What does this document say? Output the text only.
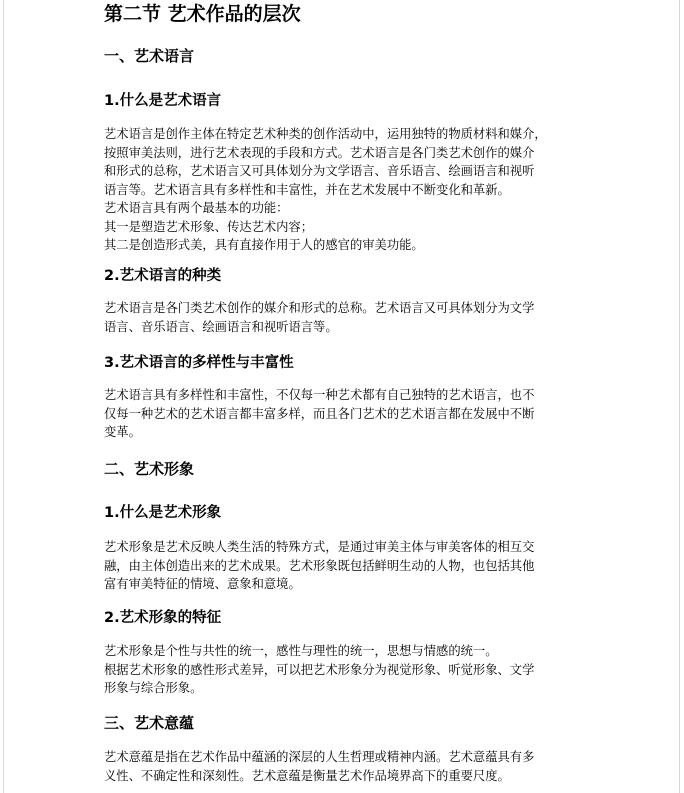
第二节 艺术作品的层次
一、艺术语言
1.什么是艺术语言
艺术语言是创作主体在特定艺术种类的创作活动中，运用独特的物质材料和媒介，
按照审美法则，进行艺术表现的手段和方式。艺术语言是各门类艺术创作的媒介
和形式的总称，艺术语言又可具体划分为文学语言、音乐语言、绘画语言和视听
语言等。艺术语言具有多样性和丰富性，并在艺术发展中不断变化和革新。
艺术语言具有两个最基本的功能：
其一是塑造艺术形象、传达艺术内容；
其二是创造形式美，具有直接作用于人的感官的审美功能。
2.艺术语言的种类
艺术语言是各门类艺术创作的媒介和形式的总称。艺术语言又可具体划分为文学
语言、音乐语言、绘画语言和视听语言等。
3.艺术语言的多样性与丰富性
艺术语言具有多样性和丰富性，不仅每一种艺术都有自己独特的艺术语言，也不
仅每一种艺术的艺术语言都丰富多样，而且各门艺术的艺术语言都在发展中不断
变革。
二、艺术形象
1.什么是艺术形象
艺术形象是艺术反映人类生活的特殊方式，是通过审美主体与审美客体的相互交
融，由主体创造出来的艺术成果。艺术形象既包括鲜明生动的人物，也包括其他
富有审美特征的情境、意象和意境。
2.艺术形象的特征
艺术形象是个性与共性的统一，感性与理性的统一，思想与情感的统一。
根据艺术形象的感性形式差异，可以把艺术形象分为视觉形象、听觉形象、文学
形象与综合形象。
三、艺术意蕴
艺术意蕴是指在艺术作品中蕴涵的深层的人生哲理或精神内涵。艺术意蕴具有多
义性、不确定性和深刻性。艺术意蕴是衡量艺术作品境界高下的重要尺度。
